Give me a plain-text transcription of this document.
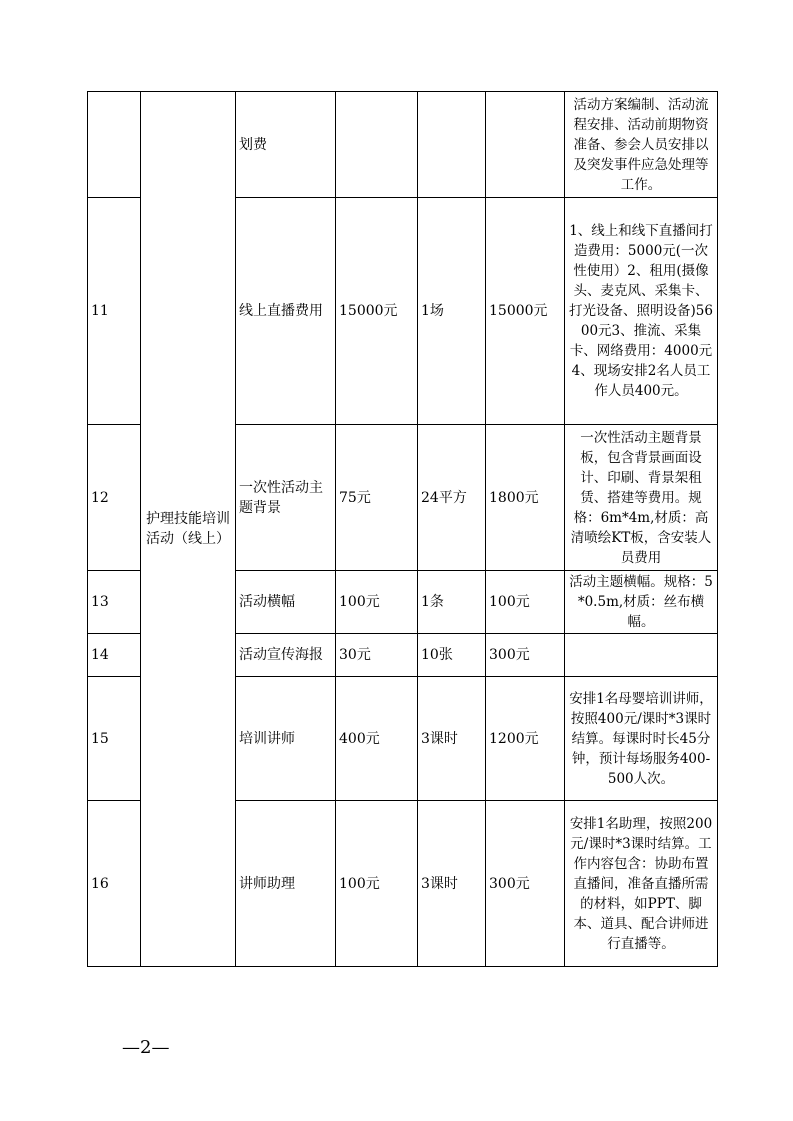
	护理技能培训活动（线上）	划费				活动方案编制、活动流程安排、活动前期物资准备、参会人员安排以及突发事件应急处理等工作。
11		线上直播费用	15000元	1场	15000元	1、线上和线下直播间打造费用：5000元(一次性使用）2、租用(摄像头、麦克风、采集卡、打光设备、照明设备)5600元3、推流、采集卡、网络费用：4000元4、现场安排2名人员工作人员400元。
12		一次性活动主题背景	75元	24平方	1800元	一次性活动主题背景板，包含背景画面设计、印刷、背景架租赁、搭建等费用。规格：6m*4m,材质：高清喷绘KT板，含安装人员费用
13		活动横幅	100元	1条	100元	活动主题横幅。规格：5*0.5m,材质：丝布横幅。
14		活动宣传海报	30元	10张	300元	
15		培训讲师	400元	3课时	1200元	安排1名母婴培训讲师，按照400元/课时*3课时结算。每课时时长45分钟，预计每场服务400-500人次。
16		讲师助理	100元	3课时	300元	安排1名助理，按照200元/课时*3课时结算。工作内容包含：协助布置直播间，准备直播所需的材料，如PPT、脚本、道具、配合讲师进行直播等。
—2—
